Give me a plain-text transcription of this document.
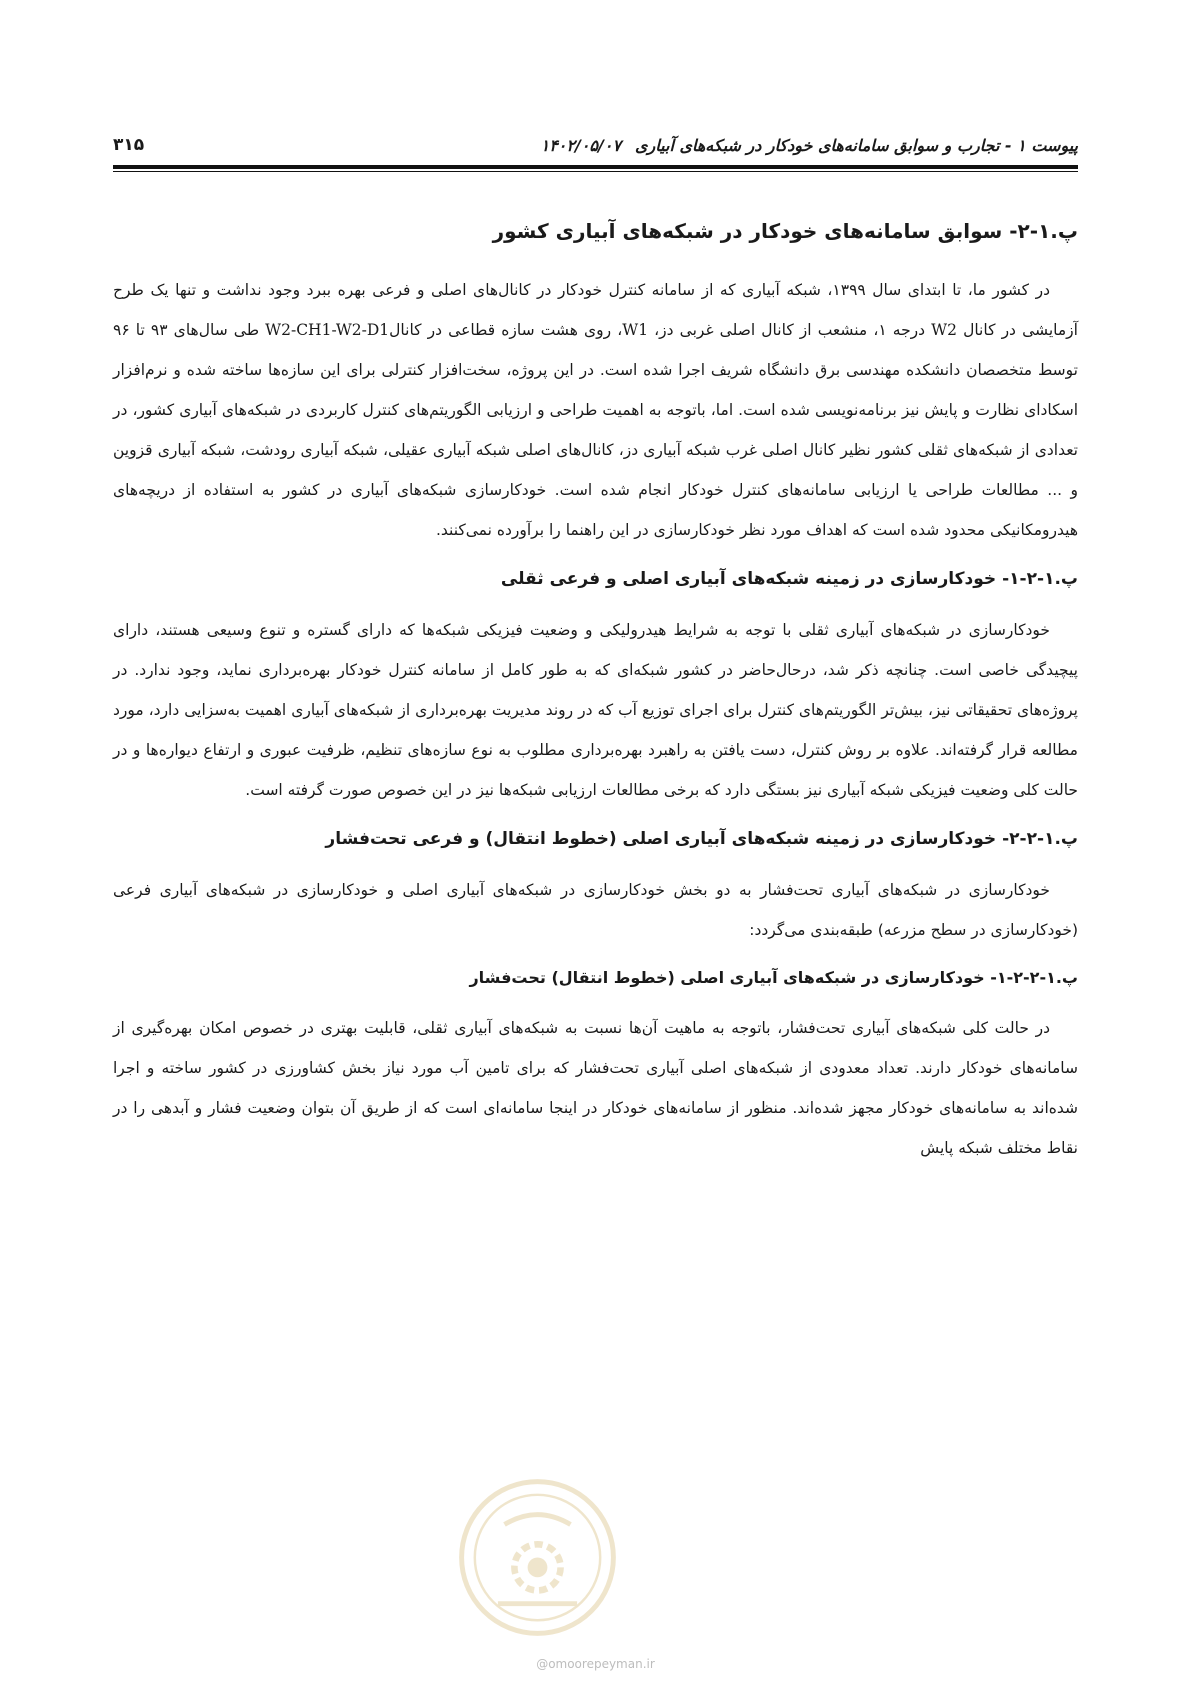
پیوست ۱ - تجارب و سوابق سامانه‌های خودکار در شبکه‌های آبیاری
۱۴۰۲/۰۵/۰۷
۳۱۵
پ.۱-۲- سوابق سامانه‌های خودکار در شبکه‌های آبیاری کشور

در کشور ما، تا ابتدای سال ۱۳۹۹، شبکه آبیاری که از سامانه کنترل خودکار در کانال‌های اصلی و فرعی بهره ببرد وجود نداشت و تنها یک طرح آزمایشی در کانال W2 درجه ۱، منشعب از کانال اصلی غربی دز، W1، روی هشت سازه قطاعی در کانالW2-CH1-W2-D1 طی سال‌های ۹۳ تا ۹۶ توسط متخصصان دانشکده مهندسی برق دانشگاه شریف اجرا شده است. در این پروژه، سخت‌افزار کنترلی برای این سازه‌ها ساخته شده و نرم‌افزار اسکادای نظارت و پایش نیز برنامه‌نویسی شده است. اما، باتوجه به اهمیت طراحی و ارزیابی الگوریتم‌های کنترل کاربردی در شبکه‌های آبیاری کشور، در تعدادی از شبکه‌های ثقلی کشور نظیر کانال اصلی غرب شبکه آبیاری دز، کانال‌های اصلی شبکه آبیاری عقیلی، شبکه آبیاری رودشت، شبکه آبیاری قزوین و ... مطالعات طراحی یا ارزیابی سامانه‌های کنترل خودکار انجام شده است. خودکارسازی شبکه‌های آبیاری در کشور به استفاده از دریچه‌های هیدرومکانیکی محدود شده است که اهداف مورد نظر خودکارسازی در این راهنما را برآورده نمی‌کنند.

پ.۱-۲-۱- خودکارسازی در زمینه شبکه‌های آبیاری اصلی و فرعی ثقلی

خودکارسازی در شبکه‌های آبیاری ثقلی با توجه به شرایط هیدرولیکی و وضعیت فیزیکی شبکه‌ها که دارای گستره و تنوع وسیعی هستند، دارای پیچیدگی خاصی است. چنانچه ذکر شد، درحال‌حاضر در کشور شبکه‌ای که به طور کامل از سامانه کنترل خودکار بهره‌برداری نماید، وجود ندارد. در پروژه‌های تحقیقاتی نیز، بیش‌تر الگوریتم‌های کنترل برای اجرای توزیع آب که در روند مدیریت بهره‌برداری از شبکه‌های آبیاری اهمیت به‌سزایی دارد، مورد مطالعه قرار گرفته‌اند. علاوه بر روش کنترل، دست یافتن به راهبرد بهره‌برداری مطلوب به نوع سازه‌های تنظیم، ظرفیت عبوری و ارتفاع دیواره‌ها و در حالت کلی وضعیت فیزیکی شبکه آبیاری نیز بستگی دارد که برخی مطالعات ارزیابی شبکه‌ها نیز در این خصوص صورت گرفته است.

پ.۱-۲-۲- خودکارسازی در زمینه شبکه‌های آبیاری اصلی (خطوط انتقال) و فرعی تحت‌فشار

خودکارسازی در شبکه‌های آبیاری تحت‌فشار به دو بخش خودکارسازی در شبکه‌های آبیاری اصلی و خودکارسازی در شبکه‌های آبیاری فرعی (خودکارسازی در سطح مزرعه) طبقه‌بندی می‌گردد:

پ.۱-۲-۲-۱- خودکارسازی در شبکه‌های آبیاری اصلی (خطوط انتقال) تحت‌فشار

در حالت کلی شبکه‌های آبیاری تحت‌فشار، باتوجه به ماهیت آن‌ها نسبت به شبکه‌های آبیاری ثقلی، قابلیت بهتری در خصوص امکان بهره‌گیری از سامانه‌های خودکار دارند. تعداد معدودی از شبکه‌های اصلی آبیاری تحت‌فشار که برای تامین آب مورد نیاز بخش کشاورزی در کشور ساخته و اجرا شده‌اند به سامانه‌های خودکار مجهز شده‌اند. منظور از سامانه‌های خودکار در اینجا سامانه‌ای است که از طریق آن بتوان وضعیت فشار و آبدهی را در نقاط مختلف شبکه پایش

@omoorepeyman.ir
